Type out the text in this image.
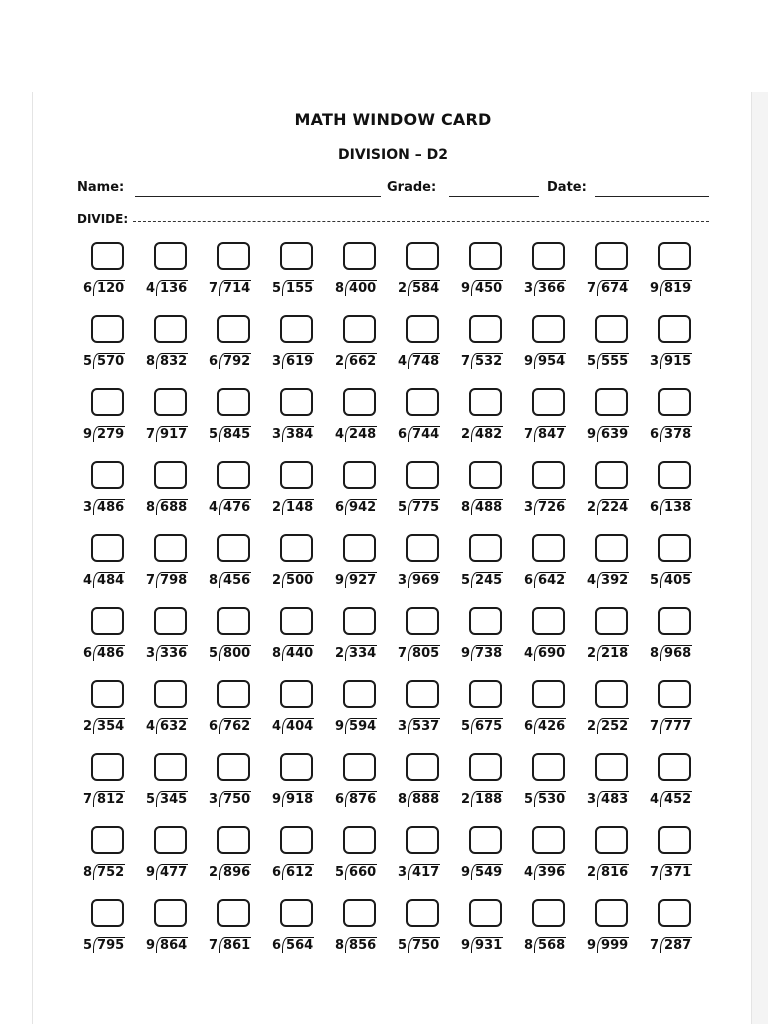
MATH WINDOW CARD
DIVISION – D2
Name:	Grade:	Date:
DIVIDE:
6 120 4 136 7 714 5 155 8 400 2 584 9 450 3 366 7 674 9 819
5 570 8 832 6 792 3 619 2 662 4 748 7 532 9 954 5 555 3 915
9 279 7 917 5 845 3 384 4 248 6 744 2 482 7 847 9 639 6 378
3 486 8 688 4 476 2 148 6 942 5 775 8 488 3 726 2 224 6 138
4 484 7 798 8 456 2 500 9 927 3 969 5 245 6 642 4 392 5 405
6 486 3 336 5 800 8 440 2 334 7 805 9 738 4 690 2 218 8 968
2 354 4 632 6 762 4 404 9 594 3 537 5 675 6 426 2 252 7 777
7 812 5 345 3 750 9 918 6 876 8 888 2 188 5 530 3 483 4 452
8 752 9 477 2 896 6 612 5 660 3 417 9 549 4 396 2 816 7 371
5 795 9 864 7 861 6 564 8 856 5 750 9 931 8 568 9 999 7 287
